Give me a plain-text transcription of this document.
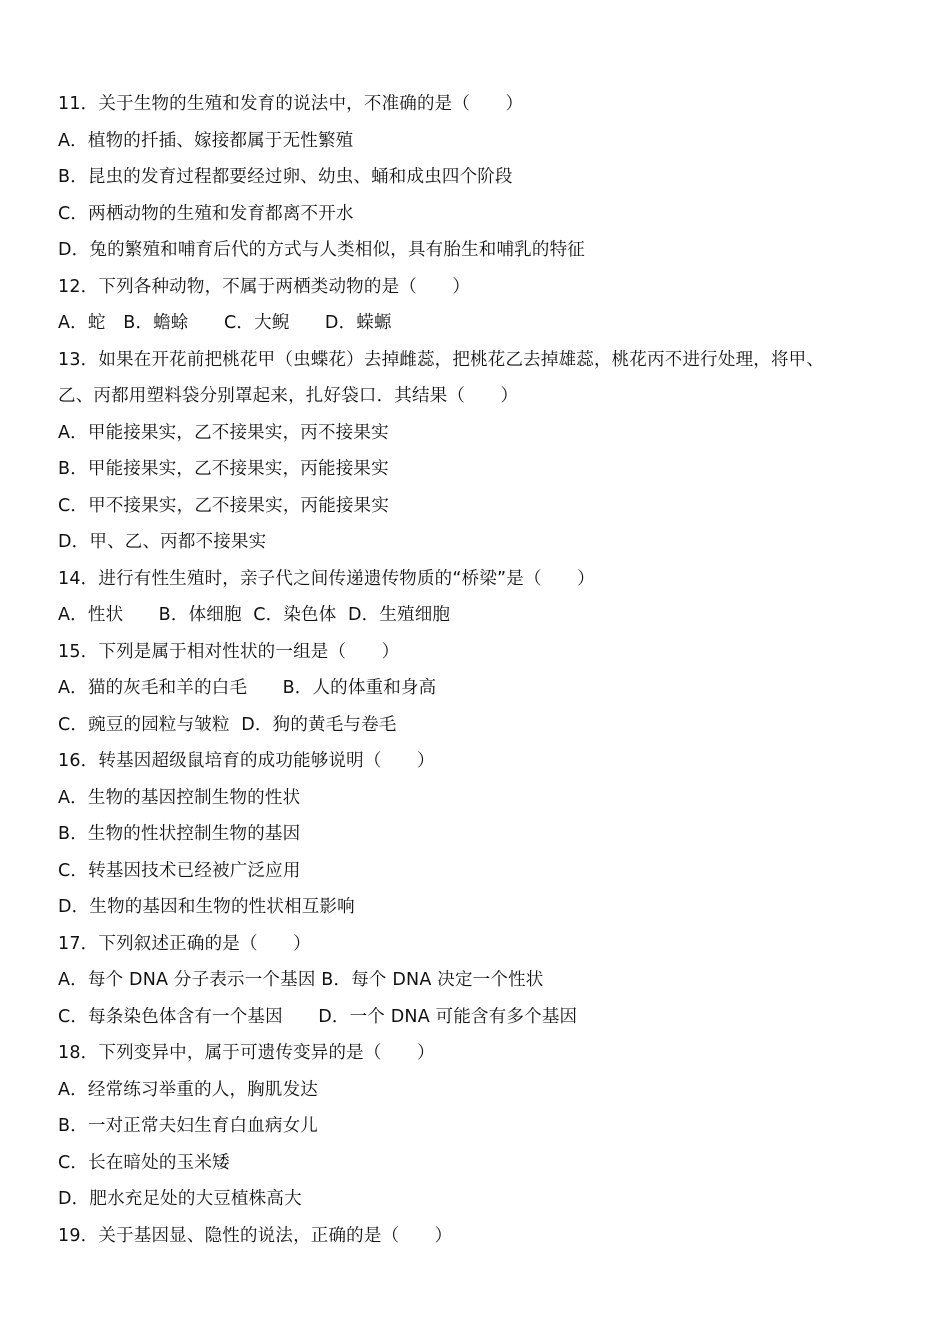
11．关于生物的生殖和发育的说法中，不准确的是（　　）
A．植物的扦插、嫁接都属于无性繁殖
B．昆虫的发育过程都要经过卵、幼虫、蛹和成虫四个阶段
C．两栖动物的生殖和发育都离不开水
D．兔的繁殖和哺育后代的方式与人类相似，具有胎生和哺乳的特征
12．下列各种动物，不属于两栖类动物的是（　　）
A．蛇　B．蟾蜍　　C．大鲵　　D．蝾螈
13．如果在开花前把桃花甲（虫蝶花）去掉雌蕊，把桃花乙去掉雄蕊，桃花丙不进行处理，将甲、
乙、丙都用塑料袋分别罩起来，扎好袋口．其结果（　　）
A．甲能接果实，乙不接果实，丙不接果实
B．甲能接果实，乙不接果实，丙能接果实
C．甲不接果实，乙不接果实，丙能接果实
D．甲、乙、丙都不接果实
14．进行有性生殖时，亲子代之间传递遗传物质的“桥梁”是（　　）
A．性状　　B．体细胞  C．染色体  D．生殖细胞
15．下列是属于相对性状的一组是（　　）
A．猫的灰毛和羊的白毛　　B．人的体重和身高
C．豌豆的园粒与皱粒  D．狗的黄毛与卷毛
16．转基因超级鼠培育的成功能够说明（　　）
A．生物的基因控制生物的性状
B．生物的性状控制生物的基因
C．转基因技术已经被广泛应用
D．生物的基因和生物的性状相互影响
17．下列叙述正确的是（　　）
A．每个 DNA 分子表示一个基因 B．每个 DNA 决定一个性状
C．每条染色体含有一个基因　　D．一个 DNA 可能含有多个基因
18．下列变异中，属于可遗传变异的是（　　）
A．经常练习举重的人，胸肌发达
B．一对正常夫妇生育白血病女儿
C．长在暗处的玉米矮
D．肥水充足处的大豆植株高大
19．关于基因显、隐性的说法，正确的是（　　）
